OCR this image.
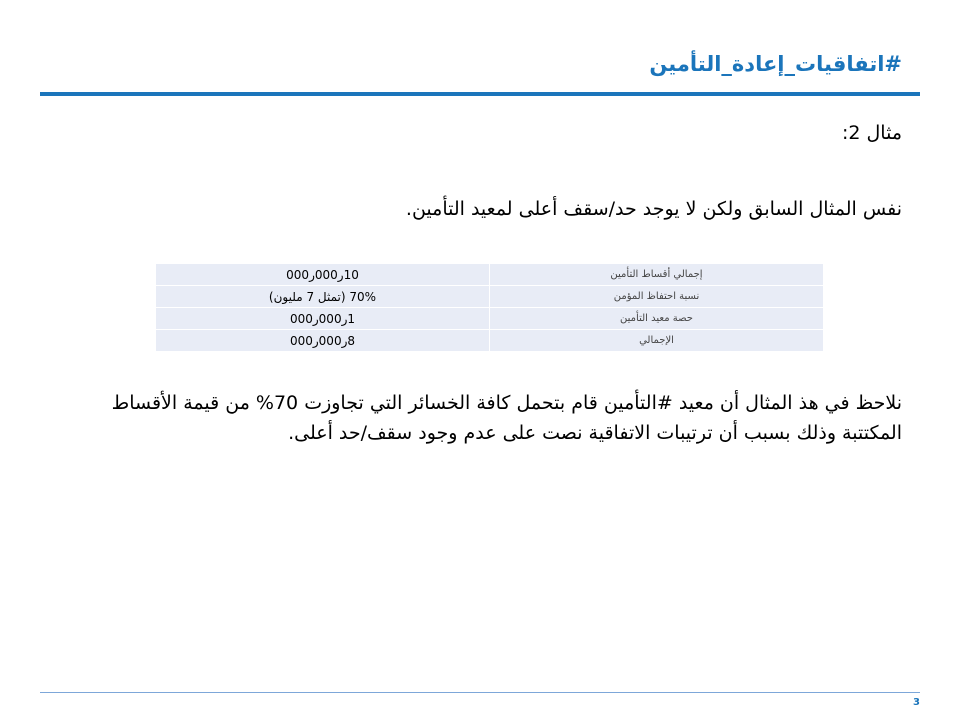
#اتفاقيات_إعادة_التأمين

مثال 2:

نفس المثال السابق ولكن لا يوجد حد/سقف أعلى لمعيد التأمين.

إجمالي أقساط التأمين	10ر000ر000
نسبة احتفاظ المؤمن	70% (تمثل 7 مليون)
حصة معيد التأمين	1ر000ر000
الإجمالي	8ر000ر000

نلاحظ في هذ المثال أن معيد #التأمين قام بتحمل كافة الخسائر التي تجاوزت 70% من قيمة الأقساط المكتتبة وذلك بسبب أن ترتيبات الاتفاقية نصت على عدم وجود سقف/حد أعلى.

3
